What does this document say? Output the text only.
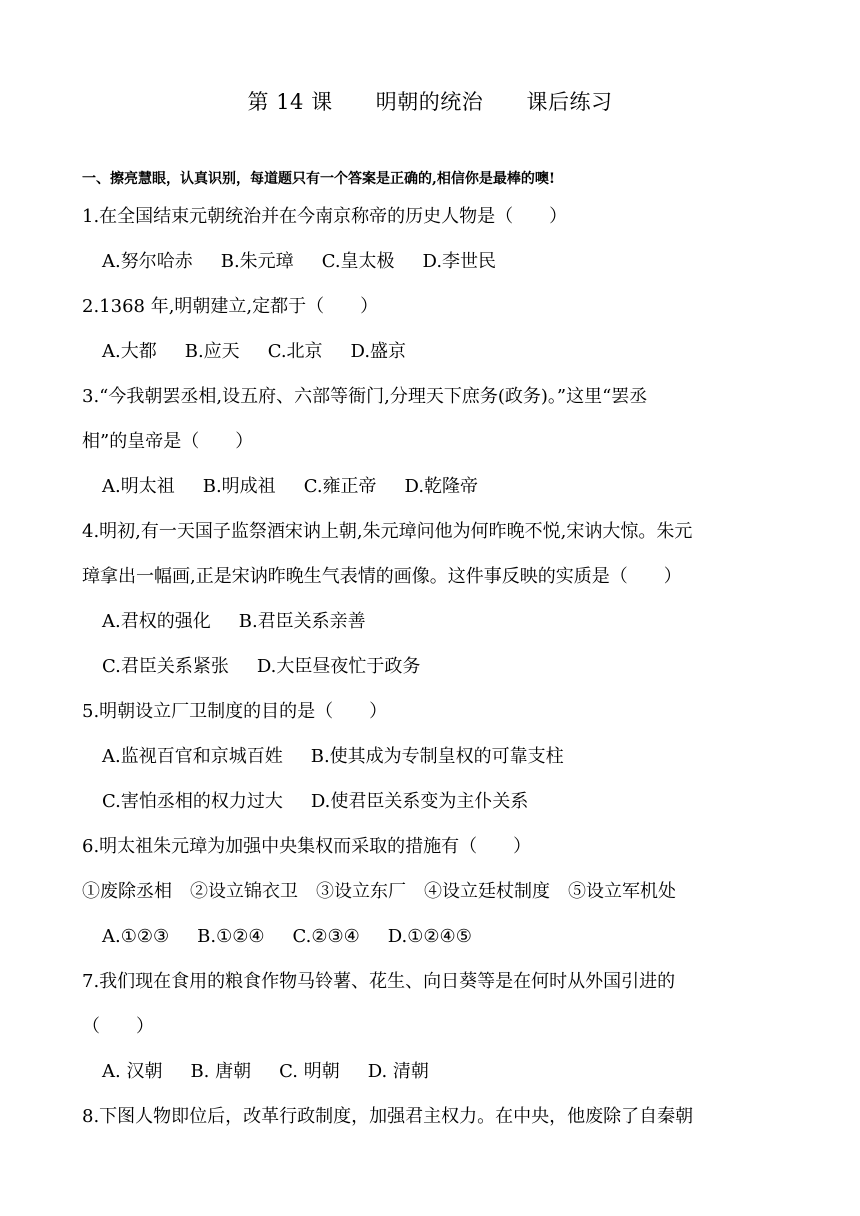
第 14 课 明朝的统治 课后练习
一、擦亮慧眼，认真识别，每道题只有一个答案是正确的,相信你是最棒的噢!
1.在全国结束元朝统治并在今南京称帝的历史人物是（　　）
A.努尔哈赤 B.朱元璋 C.皇太极 D.李世民
2.1368 年,明朝建立,定都于（　　）
A.大都 B.应天 C.北京 D.盛京
3.“今我朝罢丞相,设五府、六部等衙门,分理天下庶务(政务)。”这里“罢丞
相”的皇帝是（　　）
A.明太祖 B.明成祖 C.雍正帝 D.乾隆帝
4.明初,有一天国子监祭酒宋讷上朝,朱元璋问他为何昨晚不悦,宋讷大惊。朱元
璋拿出一幅画,正是宋讷昨晚生气表情的画像。这件事反映的实质是（　　）
A.君权的强化 B.君臣关系亲善
C.君臣关系紧张 D.大臣昼夜忙于政务
5.明朝设立厂卫制度的目的是（　　）
A.监视百官和京城百姓 B.使其成为专制皇权的可靠支柱
C.害怕丞相的权力过大 D.使君臣关系变为主仆关系
6.明太祖朱元璋为加强中央集权而采取的措施有（　　）
①废除丞相　②设立锦衣卫　③设立东厂　④设立廷杖制度　⑤设立军机处
A.①②③ B.①②④ C.②③④ D.①②④⑤
7.我们现在食用的粮食作物马铃薯、花生、向日葵等是在何时从外国引进的
（　　）
A. 汉朝 B. 唐朝 C. 明朝 D. 清朝
8.下图人物即位后，改革行政制度，加强君主权力。在中央，他废除了自秦朝
